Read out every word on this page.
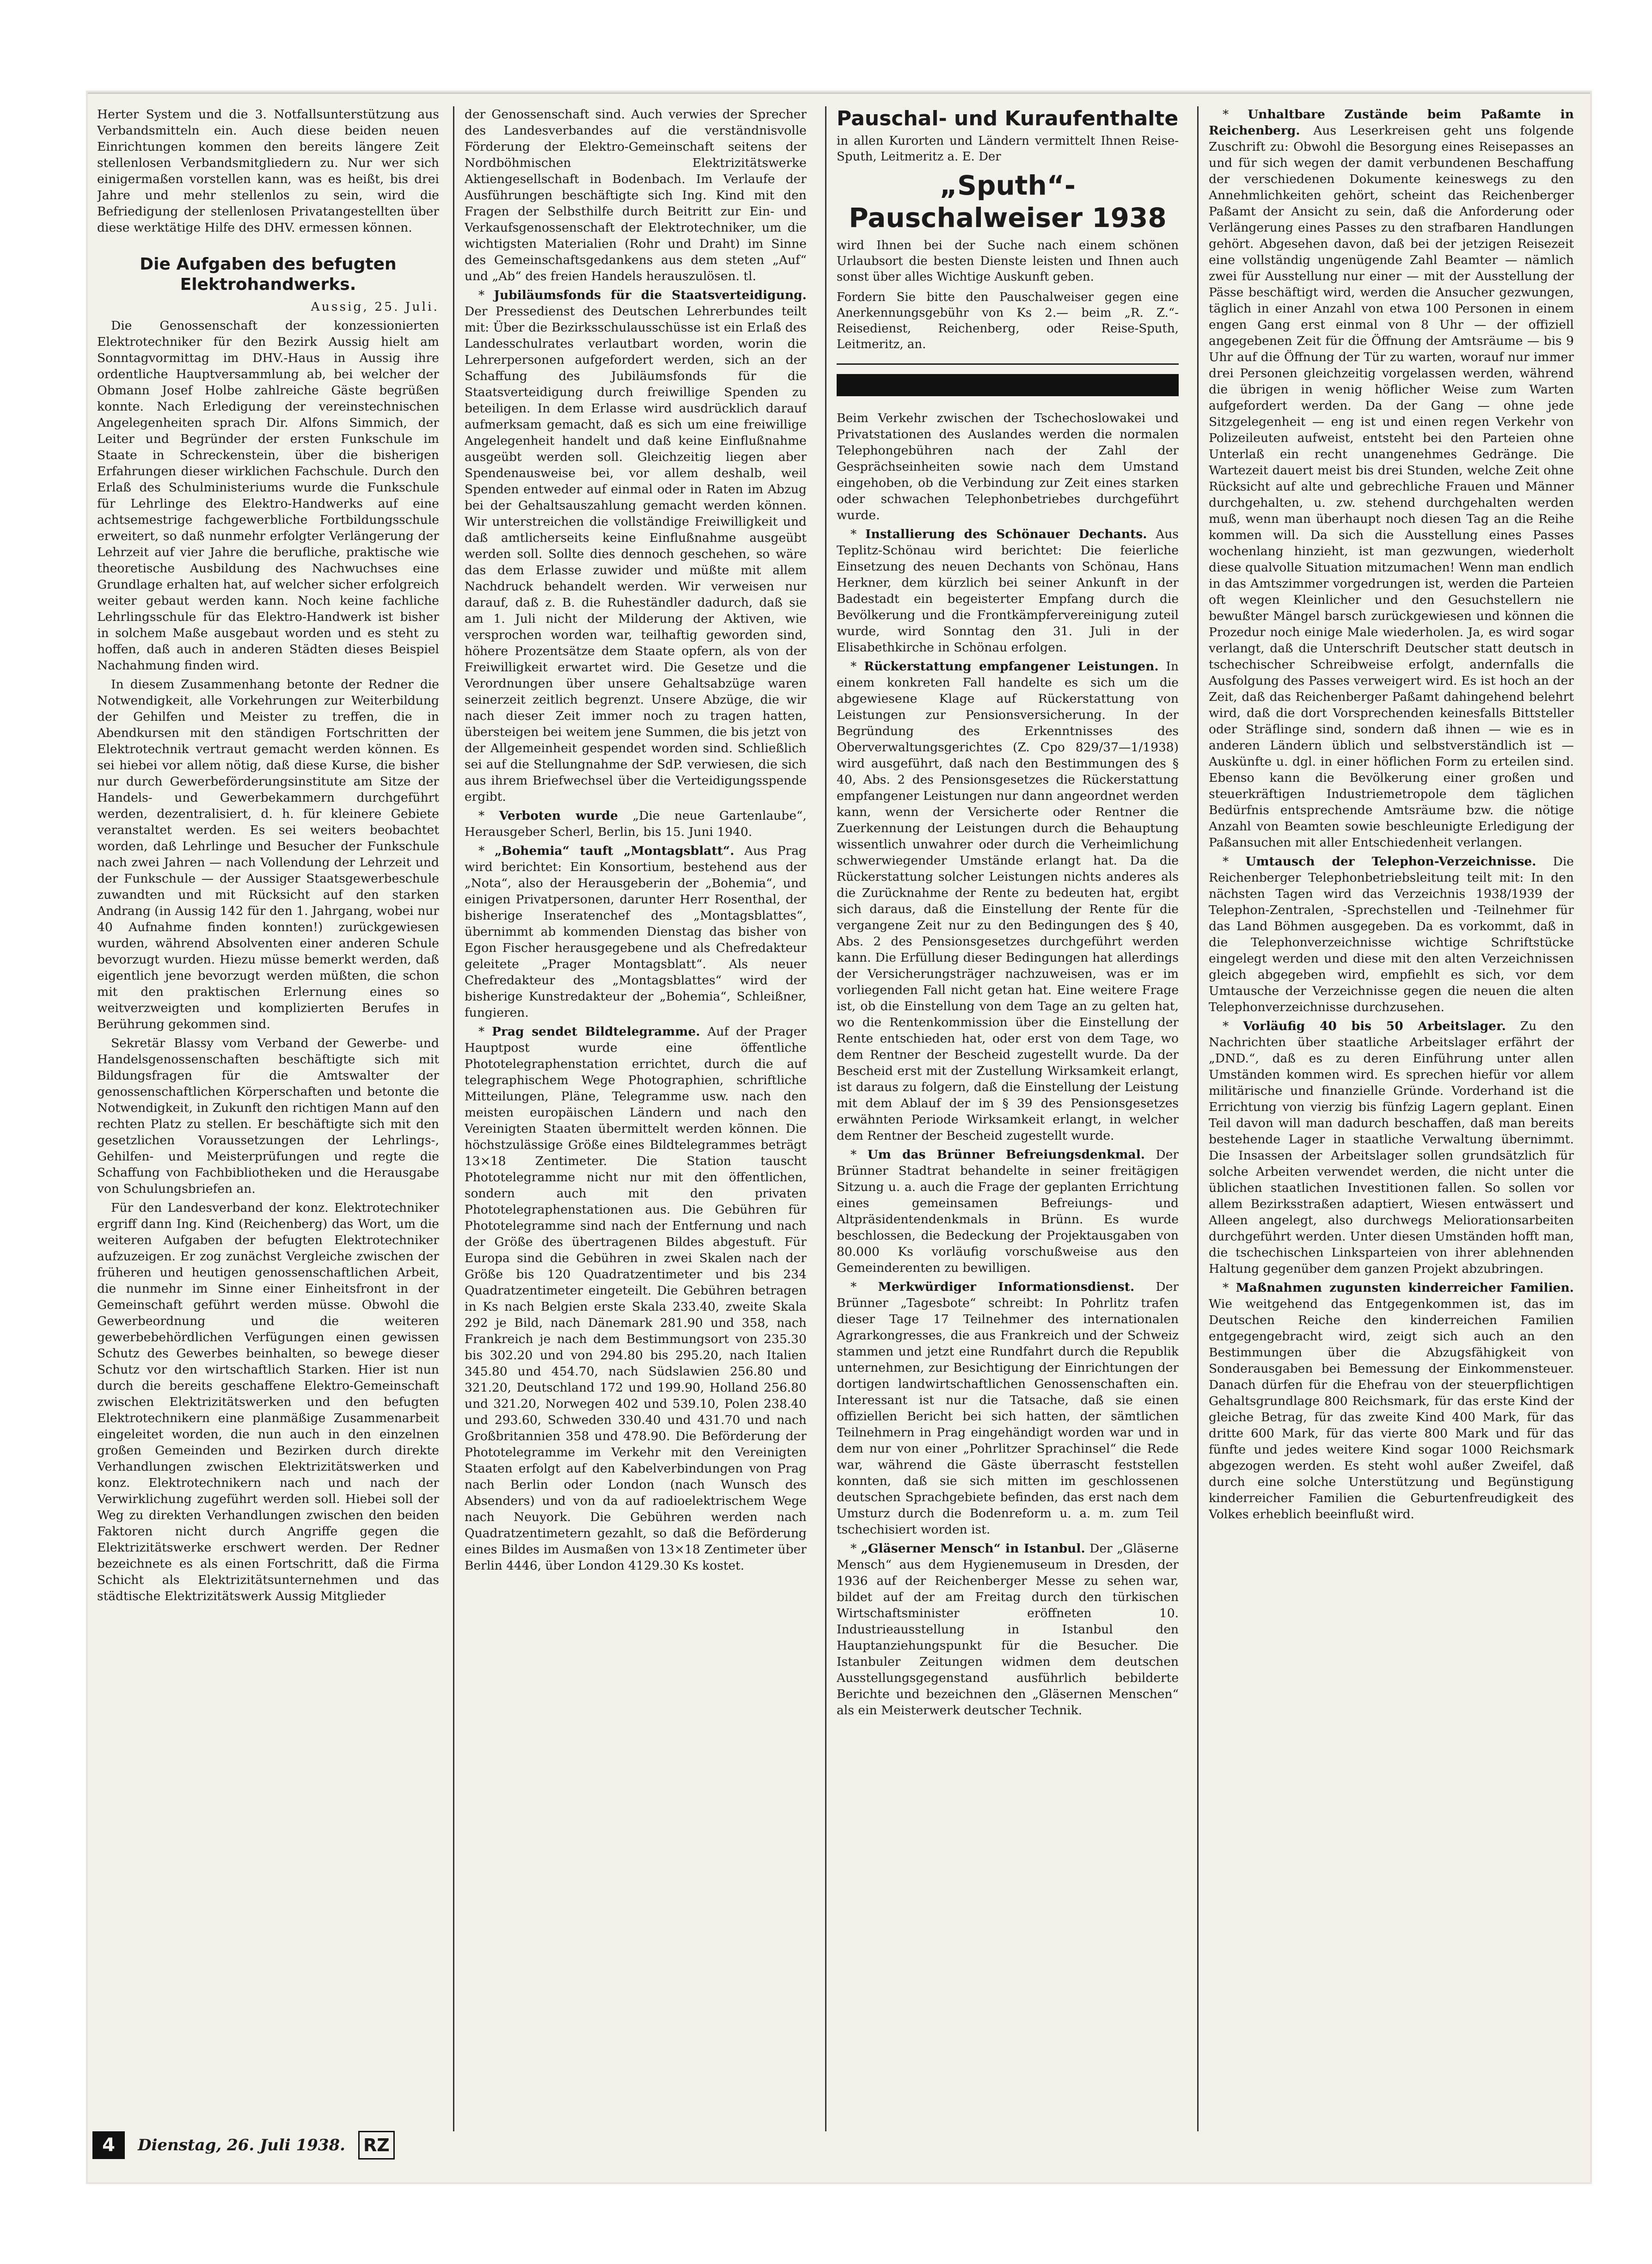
Herter System und die 3. Notfallsunterstützung aus Verbandsmitteln ein. Auch diese beiden neuen Einrichtungen kommen den bereits längere Zeit stellenlosen Verbandsmitgliedern zu. Nur wer sich einigermaßen vorstellen kann, was es heißt, bis drei Jahre und mehr stellenlos zu sein, wird die Befriedigung der stellenlosen Privatangestellten über diese werktätige Hilfe des DHV. ermessen können.

Die Aufgaben des befugten Elektrohandwerks.
Aussig, 25. Juli.

Die Genossenschaft der konzessionierten Elektrotechniker für den Bezirk Aussig hielt am Sonntagvormittag im DHV.-Haus in Aussig ihre ordentliche Hauptversammlung ab, bei welcher der Obmann Josef Holbe zahlreiche Gäste begrüßen konnte. Nach Erledigung der vereinstechnischen Angelegenheiten sprach Dir. Alfons Simmich, der Leiter und Begründer der ersten Funkschule im Staate in Schreckenstein, über die bisherigen Erfahrungen dieser wirklichen Fachschule. Durch den Erlaß des Schulministeriums wurde die Funkschule für Lehrlinge des Elektro-Handwerks auf eine achtsemestrige fachgewerbliche Fortbildungsschule erweitert, so daß nunmehr erfolgter Verlängerung der Lehrzeit auf vier Jahre die berufliche, praktische wie theoretische Ausbildung des Nachwuchses eine Grundlage erhalten hat, auf welcher sicher erfolgreich weiter gebaut werden kann. Noch keine fachliche Lehrlingsschule für das Elektro-Handwerk ist bisher in solchem Maße ausgebaut worden und es steht zu hoffen, daß auch in anderen Städten dieses Beispiel Nachahmung finden wird.

In diesem Zusammenhang betonte der Redner die Notwendigkeit, alle Vorkehrungen zur Weiterbildung der Gehilfen und Meister zu treffen, die in Abendkursen mit den ständigen Fortschritten der Elektrotechnik vertraut gemacht werden können. Es sei hiebei vor allem nötig, daß diese Kurse, die bisher nur durch Gewerbeförderungsinstitute am Sitze der Handels- und Gewerbekammern durchgeführt werden, dezentralisiert, d. h. für kleinere Gebiete veranstaltet werden. Es sei weiters beobachtet worden, daß Lehrlinge und Besucher der Funkschule nach zwei Jahren — nach Vollendung der Lehrzeit und der Funkschule — der Aussiger Staatsgewerbeschule zuwandten und mit Rücksicht auf den starken Andrang (in Aussig 142 für den 1. Jahrgang, wobei nur 40 Aufnahme finden konnten!) zurückgewiesen wurden, während Absolventen einer anderen Schule bevorzugt wurden. Hiezu müsse bemerkt werden, daß eigentlich jene bevorzugt werden müßten, die schon mit den praktischen Erlernung eines so weitverzweigten und komplizierten Berufes in Berührung gekommen sind.

Sekretär Blassy vom Verband der Gewerbe- und Handelsgenossenschaften beschäftigte sich mit Bildungsfragen für die Amtswalter der genossenschaftlichen Körperschaften und betonte die Notwendigkeit, in Zukunft den richtigen Mann auf den rechten Platz zu stellen. Er beschäftigte sich mit den gesetzlichen Voraussetzungen der Lehrlings-, Gehilfen- und Meisterprüfungen und regte die Schaffung von Fachbibliotheken und die Herausgabe von Schulungsbriefen an.

Für den Landesverband der konz. Elektrotechniker ergriff dann Ing. Kind (Reichenberg) das Wort, um die weiteren Aufgaben der befugten Elektrotechniker aufzuzeigen. Er zog zunächst Vergleiche zwischen der früheren und heutigen genossenschaftlichen Arbeit, die nunmehr im Sinne einer Einheitsfront in der Gemeinschaft geführt werden müsse. Obwohl die Gewerbeordnung und die weiteren gewerbebehördlichen Verfügungen einen gewissen Schutz des Gewerbes beinhalten, so bewege dieser Schutz vor den wirtschaftlich Starken. Hier ist nun durch die bereits geschaffene Elektro-Gemeinschaft zwischen Elektrizitätswerken und den befugten Elektrotechnikern eine planmäßige Zusammenarbeit eingeleitet worden, die nun auch in den einzelnen großen Gemeinden und Bezirken durch direkte Verhandlungen zwischen Elektrizitätswerken und konz. Elektrotechnikern nach und nach der Verwirklichung zugeführt werden soll. Hiebei soll der Weg zu direkten Verhandlungen zwischen den beiden Faktoren nicht durch Angriffe gegen die Elektrizitätswerke erschwert werden. Der Redner bezeichnete es als einen Fortschritt, daß die Firma Schicht als Elektrizitätsunternehmen und das städtische Elektrizitätswerk Aussig Mitglieder

der Genossenschaft sind. Auch verwies der Sprecher des Landesverbandes auf die verständnisvolle Förderung der Elektro-Gemeinschaft seitens der Nordböhmischen Elektrizitätswerke Aktiengesellschaft in Bodenbach. Im Verlaufe der Ausführungen beschäftigte sich Ing. Kind mit den Fragen der Selbsthilfe durch Beitritt zur Ein- und Verkaufsgenossenschaft der Elektrotechniker, um die wichtigsten Materialien (Rohr und Draht) im Sinne des Gemeinschaftsgedankens aus dem steten „Auf“ und „Ab“ des freien Handels herauszulösen. tl.

* Jubiläumsfonds für die Staatsverteidigung. Der Pressedienst des Deutschen Lehrerbundes teilt mit: Über die Bezirksschulausschüsse ist ein Erlaß des Landesschulrates verlautbart worden, worin die Lehrerpersonen aufgefordert werden, sich an der Schaffung des Jubiläumsfonds für die Staatsverteidigung durch freiwillige Spenden zu beteiligen. In dem Erlasse wird ausdrücklich darauf aufmerksam gemacht, daß es sich um eine freiwillige Angelegenheit handelt und daß keine Einflußnahme ausgeübt werden soll. Gleichzeitig liegen aber Spendenausweise bei, vor allem deshalb, weil Spenden entweder auf einmal oder in Raten im Abzug bei der Gehaltsauszahlung gemacht werden können. Wir unterstreichen die vollständige Freiwilligkeit und daß amtlicherseits keine Einflußnahme ausgeübt werden soll. Sollte dies dennoch geschehen, so wäre das dem Erlasse zuwider und müßte mit allem Nachdruck behandelt werden. Wir verweisen nur darauf, daß z. B. die Ruheständler dadurch, daß sie am 1. Juli nicht der Milderung der Aktiven, wie versprochen worden war, teilhaftig geworden sind, höhere Prozentsätze dem Staate opfern, als von der Freiwilligkeit erwartet wird. Die Gesetze und die Verordnungen über unsere Gehaltsabzüge waren seinerzeit zeitlich begrenzt. Unsere Abzüge, die wir nach dieser Zeit immer noch zu tragen hatten, übersteigen bei weitem jene Summen, die bis jetzt von der Allgemeinheit gespendet worden sind. Schließlich sei auf die Stellungnahme der SdP. verwiesen, die sich aus ihrem Briefwechsel über die Verteidigungsspende ergibt.

* Verboten wurde „Die neue Gartenlaube“, Herausgeber Scherl, Berlin, bis 15. Juni 1940.

* „Bohemia“ tauft „Montagsblatt“. Aus Prag wird berichtet: Ein Konsortium, bestehend aus der „Nota“, also der Herausgeberin der „Bohemia“, und einigen Privatpersonen, darunter Herr Rosenthal, der bisherige Inseratenchef des „Montagsblattes“, übernimmt ab kommenden Dienstag das bisher von Egon Fischer herausgegebene und als Chefredakteur geleitete „Prager Montagsblatt“. Als neuer Chefredakteur des „Montagsblattes“ wird der bisherige Kunstredakteur der „Bohemia“, Schleißner, fungieren.

* Prag sendet Bildtelegramme. Auf der Prager Hauptpost wurde eine öffentliche Phototelegraphenstation errichtet, durch die auf telegraphischem Wege Photographien, schriftliche Mitteilungen, Pläne, Telegramme usw. nach den meisten europäischen Ländern und nach den Vereinigten Staaten übermittelt werden können. Die höchstzulässige Größe eines Bildtelegrammes beträgt 13×18 Zentimeter. Die Station tauscht Phototelegramme nicht nur mit den öffentlichen, sondern auch mit den privaten Phototelegraphenstationen aus. Die Gebühren für Phototelegramme sind nach der Entfernung und nach der Größe des übertragenen Bildes abgestuft. Für Europa sind die Gebühren in zwei Skalen nach der Größe bis 120 Quadratzentimeter und bis 234 Quadratzentimeter eingeteilt. Die Gebühren betragen in Ks nach Belgien erste Skala 233.40, zweite Skala 292 je Bild, nach Dänemark 281.90 und 358, nach Frankreich je nach dem Bestimmungsort von 235.30 bis 302.20 und von 294.80 bis 295.20, nach Italien 345.80 und 454.70, nach Südslawien 256.80 und 321.20, Deutschland 172 und 199.90, Holland 256.80 und 321.20, Norwegen 402 und 539.10, Polen 238.40 und 293.60, Schweden 330.40 und 431.70 und nach Großbritannien 358 und 478.90. Die Beförderung der Phototelegramme im Verkehr mit den Vereinigten Staaten erfolgt auf den Kabelverbindungen von Prag nach Berlin oder London (nach Wunsch des Absenders) und von da auf radioelektrischem Wege nach Neuyork. Die Gebühren werden nach Quadratzentimetern gezahlt, so daß die Beförderung eines Bildes im Ausmaßen von 13×18 Zentimeter über Berlin 4446, über London 4129.30 Ks kostet.

Pauschal- und Kuraufenthalte
in allen Kurorten und Ländern vermittelt Ihnen Reise-Sputh, Leitmeritz a. E. Der
„Sputh“-Pauschalweiser 1938
wird Ihnen bei der Suche nach einem schönen Urlaubsort die besten Dienste leisten und Ihnen auch sonst über alles Wichtige Auskunft geben.
Fordern Sie bitte den Pauschalweiser gegen eine Anerkennungsgebühr von Ks 2.— beim „R. Z.“-Reisedienst, Reichenberg, oder Reise-Sputh, Leitmeritz, an.

Beim Verkehr zwischen der Tschechoslowakei und Privatstationen des Auslandes werden die normalen Telephongebühren nach der Zahl der Gesprächseinheiten sowie nach dem Umstand eingehoben, ob die Verbindung zur Zeit eines starken oder schwachen Telephonbetriebes durchgeführt wurde.

* Installierung des Schönauer Dechants. Aus Teplitz-Schönau wird berichtet: Die feierliche Einsetzung des neuen Dechants von Schönau, Hans Herkner, dem kürzlich bei seiner Ankunft in der Badestadt ein begeisterter Empfang durch die Bevölkerung und die Frontkämpfervereinigung zuteil wurde, wird Sonntag den 31. Juli in der Elisabethkirche in Schönau erfolgen.

* Rückerstattung empfangener Leistungen. In einem konkreten Fall handelte es sich um die abgewiesene Klage auf Rückerstattung von Leistungen zur Pensionsversicherung. In der Begründung des Erkenntnisses des Oberverwaltungsgerichtes (Z. Cpo 829/37—1/1938) wird ausgeführt, daß nach den Bestimmungen des § 40, Abs. 2 des Pensionsgesetzes die Rückerstattung empfangener Leistungen nur dann angeordnet werden kann, wenn der Versicherte oder Rentner die Zuerkennung der Leistungen durch die Behauptung wissentlich unwahrer oder durch die Verheimlichung schwerwiegender Umstände erlangt hat. Da die Rückerstattung solcher Leistungen nichts anderes als die Zurücknahme der Rente zu bedeuten hat, ergibt sich daraus, daß die Einstellung der Rente für die vergangene Zeit nur zu den Bedingungen des § 40, Abs. 2 des Pensionsgesetzes durchgeführt werden kann. Die Erfüllung dieser Bedingungen hat allerdings der Versicherungsträger nachzuweisen, was er im vorliegenden Fall nicht getan hat. Eine weitere Frage ist, ob die Einstellung von dem Tage an zu gelten hat, wo die Rentenkommission über die Einstellung der Rente entschieden hat, oder erst von dem Tage, wo dem Rentner der Bescheid zugestellt wurde. Da der Bescheid erst mit der Zustellung Wirksamkeit erlangt, ist daraus zu folgern, daß die Einstellung der Leistung mit dem Ablauf der im § 39 des Pensionsgesetzes erwähnten Periode Wirksamkeit erlangt, in welcher dem Rentner der Bescheid zugestellt wurde.

* Um das Brünner Befreiungsdenkmal. Der Brünner Stadtrat behandelte in seiner freitägigen Sitzung u. a. auch die Frage der geplanten Errichtung eines gemeinsamen Befreiungs- und Altpräsidentendenkmals in Brünn. Es wurde beschlossen, die Bedeckung der Projektausgaben von 80.000 Ks vorläufig vorschußweise aus den Gemeinderenten zu bewilligen.

* Merkwürdiger Informationsdienst. Der Brünner „Tagesbote“ schreibt: In Pohrlitz trafen dieser Tage 17 Teilnehmer des internationalen Agrarkongresses, die aus Frankreich und der Schweiz stammen und jetzt eine Rundfahrt durch die Republik unternehmen, zur Besichtigung der Einrichtungen der dortigen landwirtschaftlichen Genossenschaften ein. Interessant ist nur die Tatsache, daß sie einen offiziellen Bericht bei sich hatten, der sämtlichen Teilnehmern in Prag eingehändigt worden war und in dem nur von einer „Pohrlitzer Sprachinsel“ die Rede war, während die Gäste überrascht feststellen konnten, daß sie sich mitten im geschlossenen deutschen Sprachgebiete befinden, das erst nach dem Umsturz durch die Bodenreform u. a. m. zum Teil tschechisiert worden ist.

* „Gläserner Mensch“ in Istanbul. Der „Gläserne Mensch“ aus dem Hygienemuseum in Dresden, der 1936 auf der Reichenberger Messe zu sehen war, bildet auf der am Freitag durch den türkischen Wirtschaftsminister eröffneten 10. Industrieausstellung in Istanbul den Hauptanziehungspunkt für die Besucher. Die Istanbuler Zeitungen widmen dem deutschen Ausstellungsgegenstand ausführlich bebilderte Berichte und bezeichnen den „Gläsernen Menschen“ als ein Meisterwerk deutscher Technik.

* Unhaltbare Zustände beim Paßamte in Reichenberg. Aus Leserkreisen geht uns folgende Zuschrift zu: Obwohl die Besorgung eines Reisepasses an und für sich wegen der damit verbundenen Beschaffung der verschiedenen Dokumente keineswegs zu den Annehmlichkeiten gehört, scheint das Reichenberger Paßamt der Ansicht zu sein, daß die Anforderung oder Verlängerung eines Passes zu den strafbaren Handlungen gehört. Abgesehen davon, daß bei der jetzigen Reisezeit eine vollständig ungenügende Zahl Beamter — nämlich zwei für Ausstellung nur einer — mit der Ausstellung der Pässe beschäftigt wird, werden die Ansucher gezwungen, täglich in einer Anzahl von etwa 100 Personen in einem engen Gang erst einmal von 8 Uhr — der offiziell angegebenen Zeit für die Öffnung der Amtsräume — bis 9 Uhr auf die Öffnung der Tür zu warten, worauf nur immer drei Personen gleichzeitig vorgelassen werden, während die übrigen in wenig höflicher Weise zum Warten aufgefordert werden. Da der Gang — ohne jede Sitzgelegenheit — eng ist und einen regen Verkehr von Polizeileuten aufweist, entsteht bei den Parteien ohne Unterlaß ein recht unangenehmes Gedränge. Die Wartezeit dauert meist bis drei Stunden, welche Zeit ohne Rücksicht auf alte und gebrechliche Frauen und Männer durchgehalten, u. zw. stehend durchgehalten werden muß, wenn man überhaupt noch diesen Tag an die Reihe kommen will. Da sich die Ausstellung eines Passes wochenlang hinzieht, ist man gezwungen, wiederholt diese qualvolle Situation mitzumachen! Wenn man endlich in das Amtszimmer vorgedrungen ist, werden die Parteien oft wegen Kleinlicher und den Gesuchstellern nie bewußter Mängel barsch zurückgewiesen und können die Prozedur noch einige Male wiederholen. Ja, es wird sogar verlangt, daß die Unterschrift Deutscher statt deutsch in tschechischer Schreibweise erfolgt, andernfalls die Ausfolgung des Passes verweigert wird. Es ist hoch an der Zeit, daß das Reichenberger Paßamt dahingehend belehrt wird, daß die dort Vorsprechenden keinesfalls Bittsteller oder Sträflinge sind, sondern daß ihnen — wie es in anderen Ländern üblich und selbstverständlich ist — Auskünfte u. dgl. in einer höflichen Form zu erteilen sind. Ebenso kann die Bevölkerung einer großen und steuerkräftigen Industriemetropole dem täglichen Bedürfnis entsprechende Amtsräume bzw. die nötige Anzahl von Beamten sowie beschleunigte Erledigung der Paßansuchen mit aller Entschiedenheit verlangen.

* Umtausch der Telephon-Verzeichnisse. Die Reichenberger Telephonbetriebsleitung teilt mit: In den nächsten Tagen wird das Verzeichnis 1938/1939 der Telephon-Zentralen, -Sprechstellen und -Teilnehmer für das Land Böhmen ausgegeben. Da es vorkommt, daß in die Telephonverzeichnisse wichtige Schriftstücke eingelegt werden und diese mit den alten Verzeichnissen gleich abgegeben wird, empfiehlt es sich, vor dem Umtausche der Verzeichnisse gegen die neuen die alten Telephonverzeichnisse durchzusehen.

* Vorläufig 40 bis 50 Arbeitslager. Zu den Nachrichten über staatliche Arbeitslager erfährt der „DND.“, daß es zu deren Einführung unter allen Umständen kommen wird. Es sprechen hiefür vor allem militärische und finanzielle Gründe. Vorderhand ist die Errichtung von vierzig bis fünfzig Lagern geplant. Einen Teil davon will man dadurch beschaffen, daß man bereits bestehende Lager in staatliche Verwaltung übernimmt. Die Insassen der Arbeitslager sollen grundsätzlich für solche Arbeiten verwendet werden, die nicht unter die üblichen staatlichen Investitionen fallen. So sollen vor allem Bezirksstraßen adaptiert, Wiesen entwässert und Alleen angelegt, also durchwegs Meliorationsarbeiten durchgeführt werden. Unter diesen Umständen hofft man, die tschechischen Linksparteien von ihrer ablehnenden Haltung gegenüber dem ganzen Projekt abzubringen.

* Maßnahmen zugunsten kinderreicher Familien. Wie weitgehend das Entgegenkommen ist, das im Deutschen Reiche den kinderreichen Familien entgegengebracht wird, zeigt sich auch an den Bestimmungen über die Abzugsfähigkeit von Sonderausgaben bei Bemessung der Einkommensteuer. Danach dürfen für die Ehefrau von der steuerpflichtigen Gehaltsgrundlage 800 Reichsmark, für das erste Kind der gleiche Betrag, für das zweite Kind 400 Mark, für das dritte 600 Mark, für das vierte 800 Mark und für das fünfte und jedes weitere Kind sogar 1000 Reichsmark abgezogen werden. Es steht wohl außer Zweifel, daß durch eine solche Unterstützung und Begünstigung kinderreicher Familien die Geburtenfreudigkeit des Volkes erheblich beeinflußt wird.

4	Dienstag, 26. Juli 1938. RZ
